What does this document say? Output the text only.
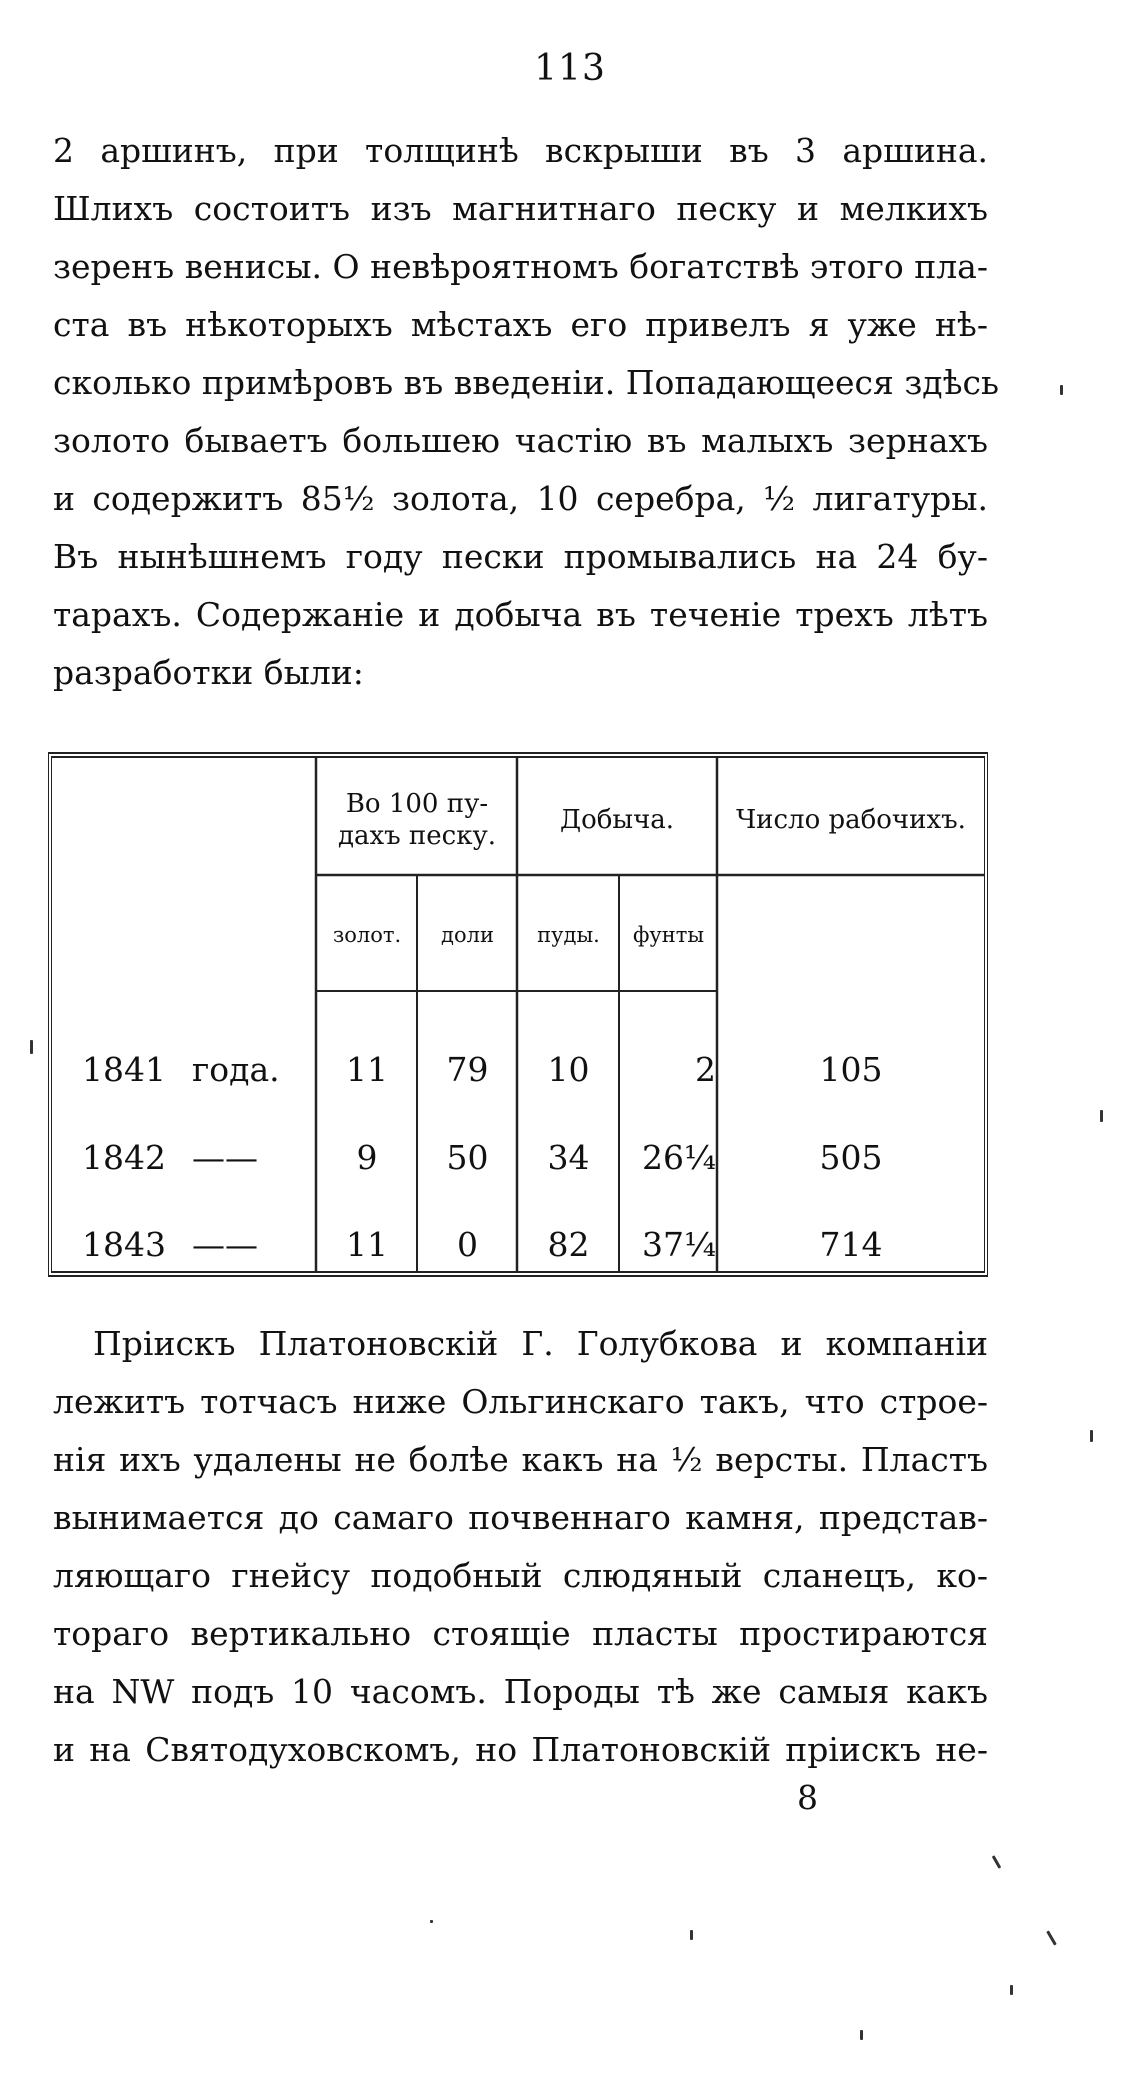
113
2 аршинъ, при толщинѣ вскрыши въ 3 аршина.
Шлихъ состоитъ изъ магнитнаго песку и мелкихъ
зеренъ вениcы. О невѣроятномъ богатствѣ этого пла-
ста въ нѣкоторыхъ мѣстахъ его привелъ я уже нѣ-
сколько примѣровъ въ введеніи. Попадающееся здѣсь
золото бываетъ большею частію въ малыхъ зернахъ
и содержитъ 85½ золота, 10 серебра, ½ лигатуры.
Въ нынѣшнемъ году пески промывались на 24 бу-
тарахъ. Содержаніе и добыча въ теченіе трехъ лѣтъ
разработки были:
Во 100 пу-
дахъ песку.
Добыча.	Число рабочихъ.
золот.	доли	пуды.	фунты
1841 года.	11	79	10	2	105
1842 ——	9	50	34	26¼	505
1843 ——	11	0	82	37¼	714
Пріискъ Платоновскій Г. Голубкова и компаніи
лежитъ тотчасъ ниже Ольгинскаго такъ, что строе-
нія ихъ удалены не болѣе какъ на ½ версты. Пластъ
вынимается до самаго почвеннаго камня, представ-
ляющаго гнейсу подобный слюдяный сланецъ, ко-
тораго вертикально стоящіе пласты простираются
на NW подъ 10 часомъ. Породы тѣ же самыя какъ
и на Святодуховскомъ, но Платоновскій пріискъ не-
8
